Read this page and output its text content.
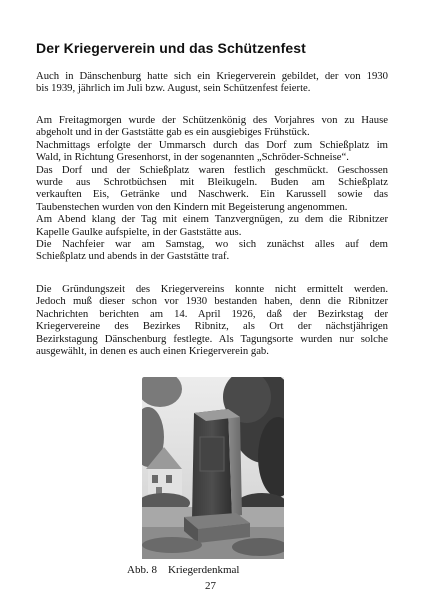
Der Kriegerverein und das Schützenfest
Auch in Dänschenburg hatte sich ein Kriegerverein gebildet, der von 1930
bis 1939, jährlich im Juli bzw. August, sein Schützenfest feierte.
Am Freitagmorgen wurde der Schützenkönig des Vorjahres von zu Hause
abgeholt und in der Gaststätte gab es ein ausgiebiges Frühstück.
Nachmittags erfolgte der Ummarsch durch das Dorf zum Schießplatz im
Wald, in Richtung Gresenhorst, in der sogenannten „Schröder-Schneise“.
Das Dorf und der Schießplatz waren festlich geschmückt. Geschossen
wurde aus Schrotbüchsen mit Bleikugeln. Buden am Schießplatz
verkauften Eis, Getränke und Naschwerk. Ein Karussell sowie das
Taubenstechen wurden von den Kindern mit Begeisterung angenommen.
Am Abend klang der Tag mit einem Tanzvergnügen, zu dem die Ribnitzer
Kapelle Gaulke aufspielte, in der Gaststätte aus.
Die Nachfeier war am Samstag, wo sich zunächst alles auf dem
Schießplatz und abends in der Gaststätte traf.
Die Gründungszeit des Kriegervereins konnte nicht ermittelt werden.
Jedoch muß dieser schon vor 1930 bestanden haben, denn die Ribnitzer
Nachrichten berichten am 14. April 1926, daß der Bezirkstag der
Kriegervereine des Bezirkes Ribnitz, als Ort der nächstjährigen
Bezirkstagung Dänschenburg festlegte. Als Tagungsorte wurden nur solche
ausgewählt, in denen es auch einen Kriegerverein gab.
Abb. 8 Kriegerdenkmal
27
